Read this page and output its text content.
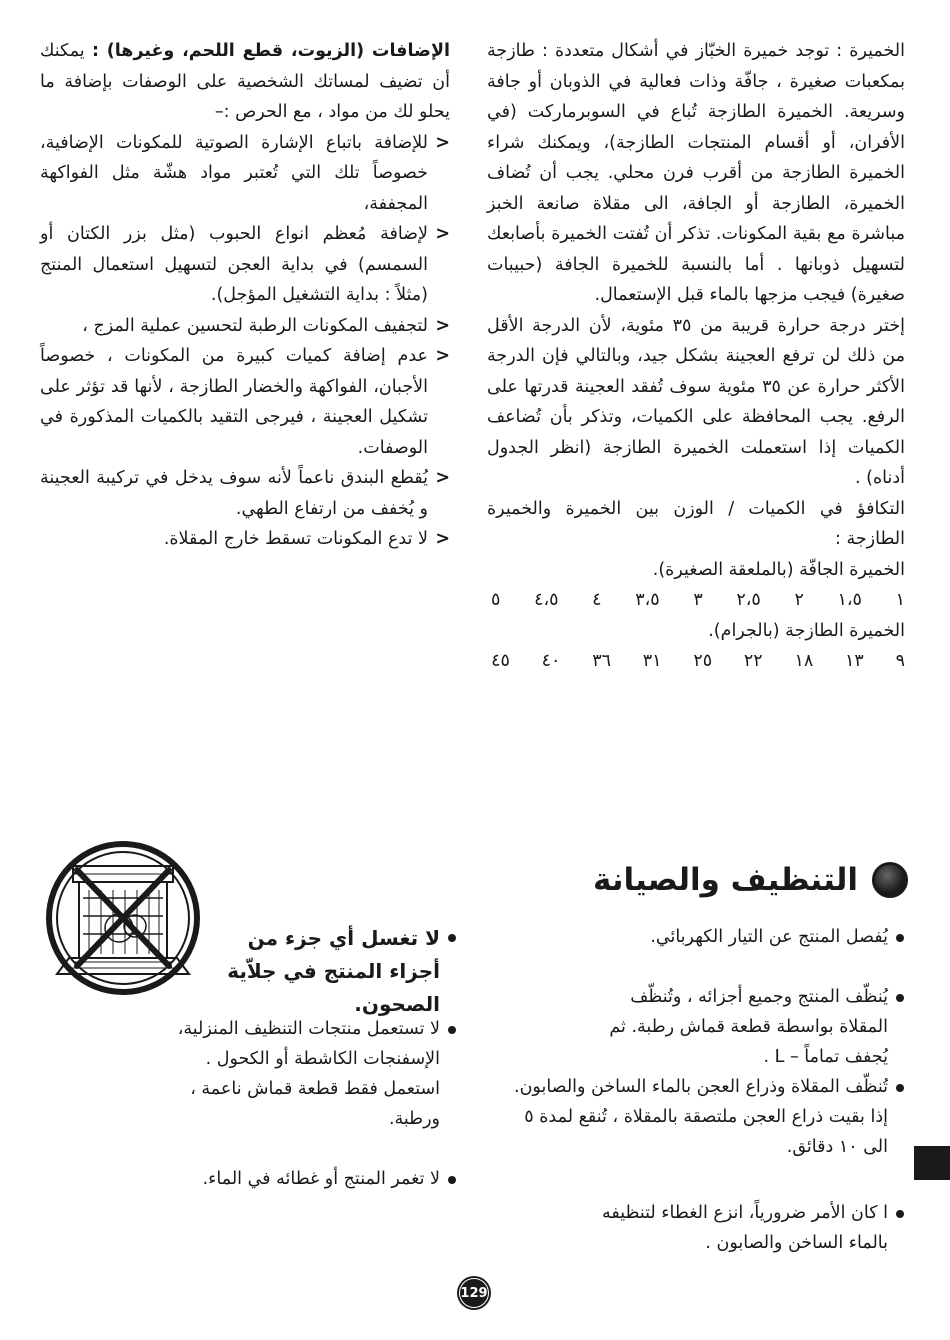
الخميرة : توجد خميرة الخبّاز في أشكال متعددة : طازجة بمكعبات صغيرة ، جافّة وذات فعالية في الذوبان أو جافة وسريعة. الخميرة الطازجة تُباع في السوبرماركت (في الأفران، أو أقسام المنتجات الطازجة)، ويمكنك شراء الخميرة الطازجة من أقرب فرن محلي. يجب أن تُضاف الخميرة، الطازجة أو الجافة، الى مقلاة صانعة الخبز مباشرة مع بقية المكونات. تذكر أن تُفتت الخميرة بأصابعك لتسهيل ذوبانها . أما بالنسبة للخميرة الجافة (حبيبات صغيرة) فيجب مزجها بالماء قبل الإستعمال.

إختر درجة حرارة قريبة من ٣٥ مئوية، لأن الدرجة الأقل من ذلك لن ترفع العجينة بشكل جيد، وبالتالي فإن الدرجة الأكثر حرارة عن ٣٥ مئوية سوف تُفقد العجينة قدرتها على الرفع. يجب المحافظة على الكميات، وتذكر بأن تُضاعف الكميات إذا استعملت الخميرة الطازجة (انظر الجدول أدناه) .

التكافؤ في الكميات / الوزن بين الخميرة والخميرة الطازجة :

الخميرة الجافّة (بالملعقة الصغيرة).

١
١،٥
٢
٢،٥
٣
٣،٥
٤
٤،٥
٥

الخميرة الطازجة (بالجرام).

٩
١٣
١٨
٢٢
٢٥
٣١
٣٦
٤٠
٤٥

الإضافات (الزيوت، قطع اللحم، وغيرها) : يمكنك أن تضيف لمساتك الشخصية على الوصفات بإضافة ما يحلو لك من مواد ، مع الحرص :–

<
للإضافة باتباع الإشارة الصوتية للمكونات الإضافية، خصوصاً تلك التي تُعتبر مواد هشّة مثل الفواكهة المجففة،
<
لإضافة مُعظم انواع الحبوب (مثل بزر الكتان أو السمسم) في بداية العجن لتسهيل استعمال المنتج (مثلاً : بداية التشغيل المؤجل).
<
لتجفيف المكونات الرطبة لتحسين عملية المزج ،
<
عدم إضافة كميات كبيرة من المكونات ، خصوصاً الأجبان، الفواكهة والخضار الطازجة ، لأنها قد تؤثر على تشكيل العجينة ، فيرجى التقيد بالكميات المذكورة في الوصفات.
<
يُقطع البندق ناعماً لأنه سوف يدخل في تركيبة العجينة و يُخفف من ارتفاع الطهي.
<
لا تدع المكونات تسقط خارج المقلاة.
التنظيف والصيانة
يُفصل المنتج عن التيار الكهربائي.
يُنظّف المنتج وجميع أجزائه ، وتُنظّف المقلاة بواسطة قطعة قماش رطبة. ثم يُجفف تماماً – L .
تُنظّف المقلاة وذراع العجن بالماء الساخن والصابون. إذا بقيت ذراع العجن ملتصقة بالمقلاة ، تُنقع لمدة ٥ الى ١٠ دقائق.
ا كان الأمر ضرورياً، انزع الغطاء لتنظيفه بالماء الساخن والصابون .
لا تغسل أي جزء من أجزاء المنتج في جلاّية الصحون.
لا تستعمل منتجات التنظيف المنزلية، الإسفنجات الكاشطة أو الكحول . استعمل فقط قطعة قماش ناعمة ، ورطبة.
لا تغمر المنتج أو غطائه في الماء.
129
